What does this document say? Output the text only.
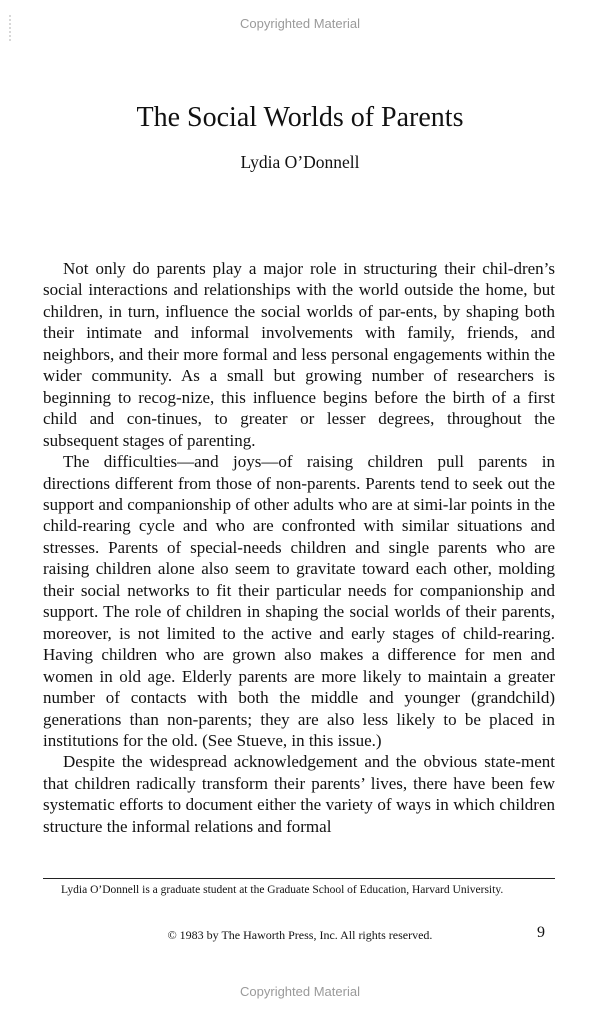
Copyrighted Material
The Social Worlds of Parents
Lydia O’Donnell

Not only do parents play a major role in structuring their chil-dren’s social interactions and relationships with the world outside the home, but children, in turn, influence the social worlds of par-ents, by shaping both their intimate and informal involvements with family, friends, and neighbors, and their more formal and less personal engagements within the wider community. As a small but growing number of researchers is beginning to recog-nize, this influence begins before the birth of a first child and con-tinues, to greater or lesser degrees, throughout the subsequent stages of parenting.

The difficulties—and joys—of raising children pull parents in directions different from those of non-parents. Parents tend to seek out the support and companionship of other adults who are at simi-lar points in the child-rearing cycle and who are confronted with similar situations and stresses. Parents of special-needs children and single parents who are raising children alone also seem to gravitate toward each other, molding their social networks to fit their particular needs for companionship and support. The role of children in shaping the social worlds of their parents, moreover, is not limited to the active and early stages of child-rearing. Having children who are grown also makes a difference for men and women in old age. Elderly parents are more likely to maintain a greater number of contacts with both the middle and younger (grandchild) generations than non-parents; they are also less likely to be placed in institutions for the old. (See Stueve, in this issue.)

Despite the widespread acknowledgement and the obvious state-ment that children radically transform their parents’ lives, there have been few systematic efforts to document either the variety of ways in which children structure the informal relations and formal

Lydia O’Donnell is a graduate student at the Graduate School of Education, Harvard University.
© 1983 by The Haworth Press, Inc. All rights reserved.	9
Copyrighted Material
